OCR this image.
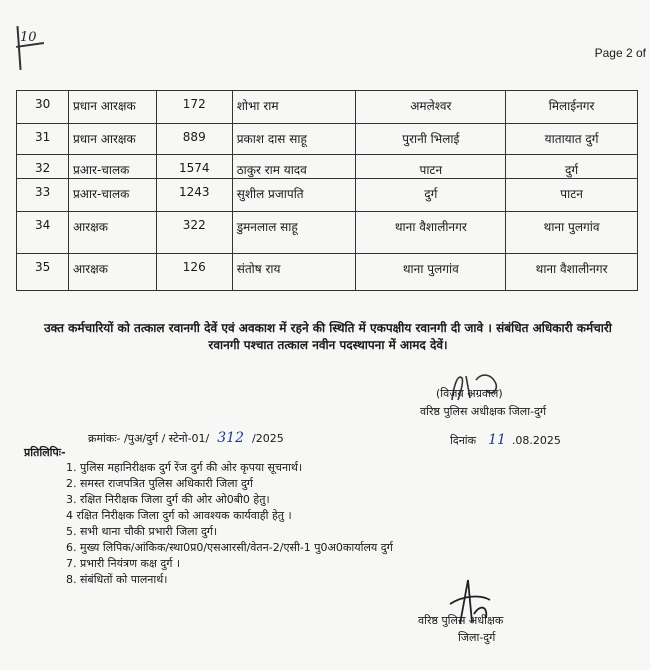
10
Page 2 of
30	प्रधान आरक्षक	172	शोभा राम	अमलेश्वर	मिलाईनगर
31	प्रधान आरक्षक	889	प्रकाश दास साहू	पुरानी भिलाई	यातायात दुर्ग
32	प्रआर-चालक	1574	ठाकुर राम यादव	पाटन	दुर्ग
33	प्रआर-चालक	1243	सुशील प्रजापति	दुर्ग	पाटन
34	आरक्षक	322	डुमनलाल साहू	थाना वैशालीनगर	थाना पुलगांव
35	आरक्षक	126	संतोष राय	थाना पुलगांव	थाना वैशालीनगर
उक्त कर्मचारियों को तत्काल रवानगी देवें एवं अवकाश में रहने की स्थिति में एकपक्षीय रवानगी दी जावे । संबंधित अधिकारी कर्मचारी
रवानगी पश्चात तत्काल नवीन पदस्थापना में आमद देवें।
(विजय अग्रवाल)
वरिष्ठ पुलिस अधीक्षक जिला-दुर्ग
क्रमांकः- /पुअ/दुर्ग / स्टेनो-01/ 312 /2025	दिनांक 11 .08.2025
प्रतिलिपिः-
1. पुलिस महानिरीक्षक दुर्ग रेंज दुर्ग की ओर कृपया सूचनार्थ।
2. समस्त राजपत्रित पुलिस अधिकारी जिला दुर्ग
3. रक्षित निरीक्षक जिला दुर्ग की ओर ओ0बी0 हेतु।
4 रक्षित निरीक्षक जिला दुर्ग को आवश्यक कार्यवाही हेतु ।
5. सभी थाना चौकी प्रभारी जिला दुर्ग।
6. मुख्य लिपिक/आंकिक/स्था0प्र0/एसआरसी/वेतन-2/एसी-1 पु0अ0कार्यालय दुर्ग
7. प्रभारी नियंत्रण कक्ष दुर्ग ।
8. संबंधितों को पालनार्थ।
वरिष्ठ पुलिस अधीक्षक
जिला-दुर्ग
